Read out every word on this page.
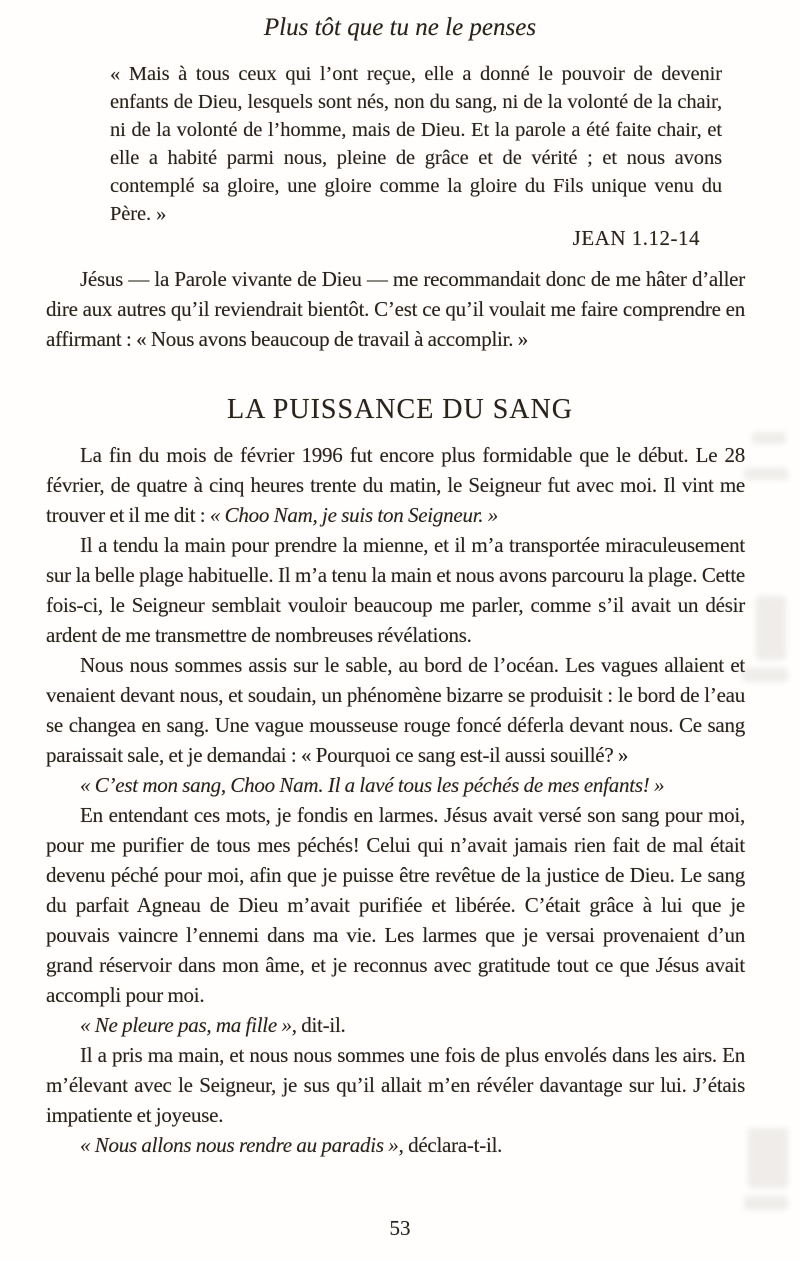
Plus tôt que tu ne le penses

« Mais à tous ceux qui l’ont reçue, elle a donné le pouvoir de devenir enfants de Dieu, lesquels sont nés, non du sang, ni de la volonté de la chair, ni de la volonté de l’homme, mais de Dieu. Et la parole a été faite chair, et elle a habité parmi nous, pleine de grâce et de vérité ; et nous avons contemplé sa gloire, une gloire comme la gloire du Fils unique venu du Père. »

JEAN 1.12-14

Jésus — la Parole vivante de Dieu — me recommandait donc de me hâter d’aller dire aux autres qu’il reviendrait bientôt. C’est ce qu’il voulait me faire comprendre en affirmant : « Nous avons beaucoup de travail à accomplir. »

LA PUISSANCE DU SANG

La fin du mois de février 1996 fut encore plus formidable que le début. Le 28 février, de quatre à cinq heures trente du matin, le Seigneur fut avec moi. Il vint me trouver et il me dit : « Choo Nam, je suis ton Seigneur. »

Il a tendu la main pour prendre la mienne, et il m’a transportée miraculeusement sur la belle plage habituelle. Il m’a tenu la main et nous avons parcouru la plage. Cette fois-ci, le Seigneur semblait vouloir beaucoup me parler, comme s’il avait un désir ardent de me transmettre de nombreuses révélations.

Nous nous sommes assis sur le sable, au bord de l’océan. Les vagues allaient et venaient devant nous, et soudain, un phénomène bizarre se produisit : le bord de l’eau se changea en sang. Une vague mousseuse rouge foncé déferla devant nous. Ce sang paraissait sale, et je demandai : « Pourquoi ce sang est-il aussi souillé? »

« C’est mon sang, Choo Nam. Il a lavé tous les péchés de mes enfants! »

En entendant ces mots, je fondis en larmes. Jésus avait versé son sang pour moi, pour me purifier de tous mes péchés! Celui qui n’avait jamais rien fait de mal était devenu péché pour moi, afin que je puisse être revêtue de la justice de Dieu. Le sang du parfait Agneau de Dieu m’avait purifiée et libérée. C’était grâce à lui que je pouvais vaincre l’ennemi dans ma vie. Les larmes que je versai provenaient d’un grand réservoir dans mon âme, et je reconnus avec gratitude tout ce que Jésus avait accompli pour moi.

« Ne pleure pas, ma fille », dit-il.

Il a pris ma main, et nous nous sommes une fois de plus envolés dans les airs. En m’élevant avec le Seigneur, je sus qu’il allait m’en révéler davantage sur lui. J’étais impatiente et joyeuse.

« Nous allons nous rendre au paradis », déclara-t-il.

53
